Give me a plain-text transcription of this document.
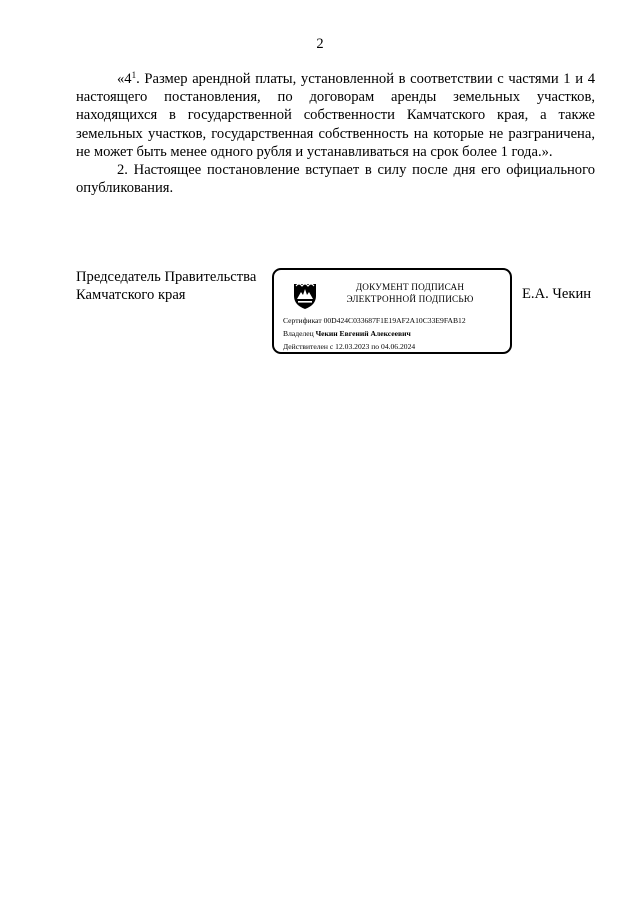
2

«$4^1$. Размер арендной платы, установленной в соответствии с частями 1 и 4 настоящего постановления, по договорам аренды земельных участков, находящихся в государственной собственности Камчатского края, а также земельных участков, государственная собственность на которые не разграничена, не может быть менее одного рубля и устанавливаться на срок более 1 года.».

2. Настоящее постановление вступает в силу после дня его официального опубликования.

Председатель Правительства
Камчатского края	ДОКУМЕНТ ПОДПИСАН
ЭЛЕКТРОННОЙ ПОДПИСЬЮ
Сертификат 00D424C033687F1E19AF2A10C33E9FAB12
Владелец Чекин Евгений Алексеевич
Действителен с 12.03.2023 по 04.06.2024
Е.А. Чекин
